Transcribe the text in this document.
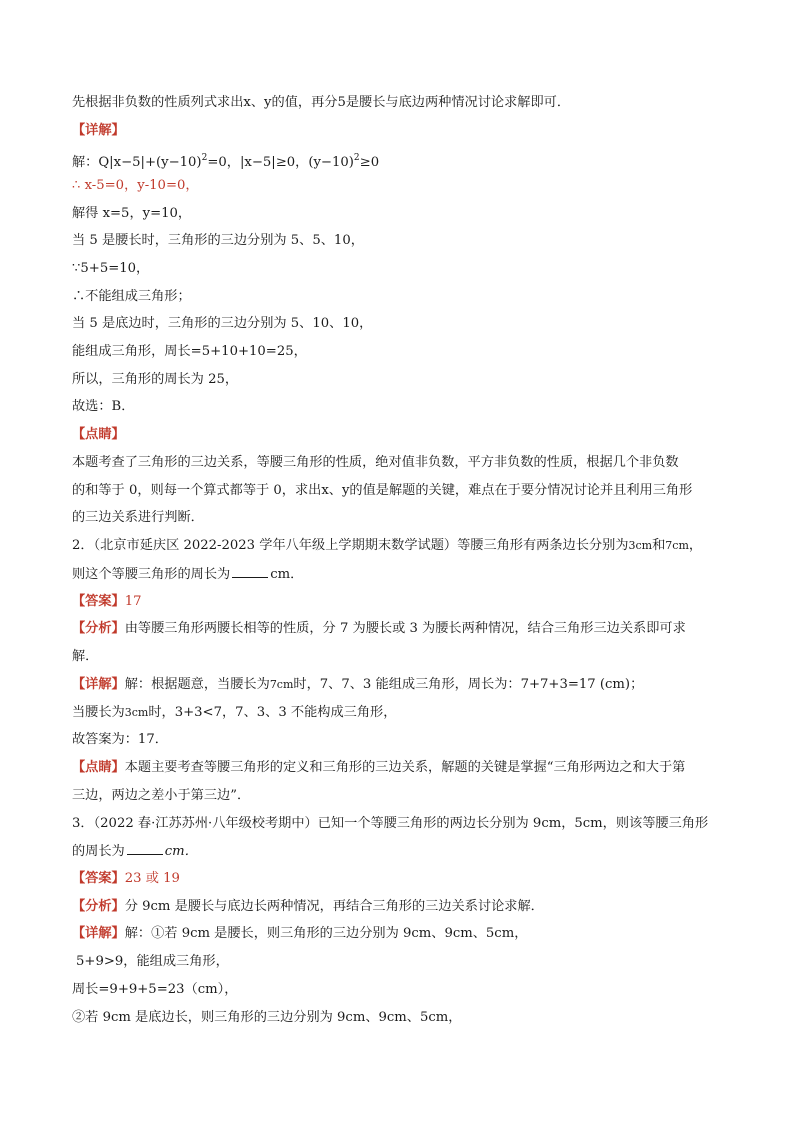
先根据非负数的性质列式求出x、y的值，再分5是腰长与底边两种情况讨论求解即可．
【详解】
解：$Q|x-5|+(y-10)^2=0$，|x−5|≥0，$(y-10)^2\ge 0$
∴ x-5=0，y-10=0，
解得 x=5，y=10，
当 5 是腰长时，三角形的三边分别为 5、5、10，
∵5+5=10，
∴不能组成三角形；
当 5 是底边时，三角形的三边分别为 5、10、10，
能组成三角形，周长=5+10+10=25，
所以，三角形的周长为 25，
故选：B．
【点睛】
本题考查了三角形的三边关系，等腰三角形的性质，绝对值非负数，平方非负数的性质，根据几个非负数
的和等于 0，则每一个算式都等于 0，求出x、y的值是解题的关键，难点在于要分情况讨论并且利用三角形
的三边关系进行判断．
2．（北京市延庆区 2022-2023 学年八年级上学期期末数学试题）等腰三角形有两条边长分别为3cm和7cm，
则这个等腰三角形的周长为	cm．
【答案】17
【分析】由等腰三角形两腰长相等的性质，分 7 为腰长或 3 为腰长两种情况，结合三角形三边关系即可求
解．
【详解】解：根据题意，当腰长为7cm时，7、7、3 能组成三角形，周长为：7+7+3=17 (cm)；
当腰长为3cm时，3+3<7，7、3、3 不能构成三角形，
故答案为：17．
【点睛】本题主要考查等腰三角形的定义和三角形的三边关系，解题的关键是掌握“三角形两边之和大于第
三边，两边之差小于第三边”．
3．（2022 春·江苏苏州·八年级校考期中）已知一个等腰三角形的两边长分别为 9cm，5cm，则该等腰三角形
的周长为	cm．
【答案】23 或 19
【分析】分 9cm 是腰长与底边长两种情况，再结合三角形的三边关系讨论求解．
【详解】解：①若 9cm 是腰长，则三角形的三边分别为 9cm、9cm、5cm，
5+9>9，能组成三角形，
周长=9+9+5=23（cm），
②若 9cm 是底边长，则三角形的三边分别为 9cm、9cm、5cm，
